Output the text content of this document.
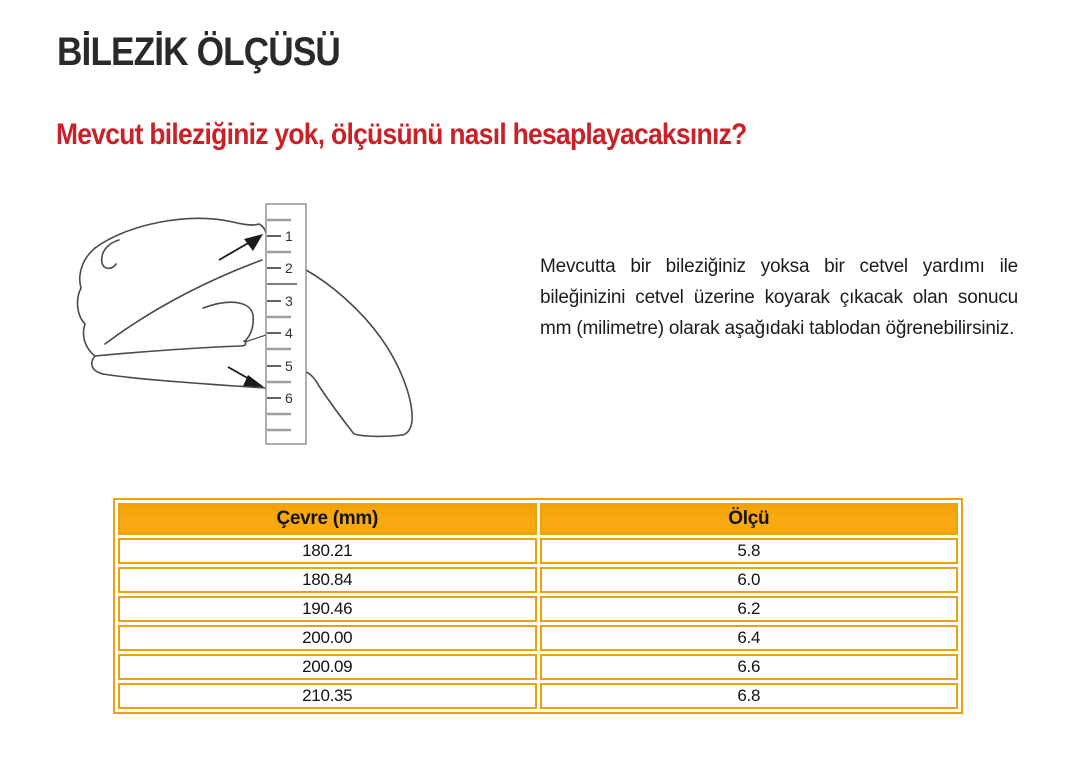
BİLEZİK ÖLÇÜSÜ
Mevcut bileziğiniz yok, ölçüsünü nasıl hesaplayacaksınız?
1
2
3
4
5
6
Mevcutta bir bileziğiniz yoksa bir cetvel yardımı ile bileğinizini cetvel üzerine koyarak çıkacak olan sonucu mm (milimetre) olarak aşağıdaki tablodan öğrenebilirsiniz.
Çevre (mm)	Ölçü
180.21	5.8
180.84	6.0
190.46	6.2
200.00	6.4
200.09	6.6
210.35	6.8
